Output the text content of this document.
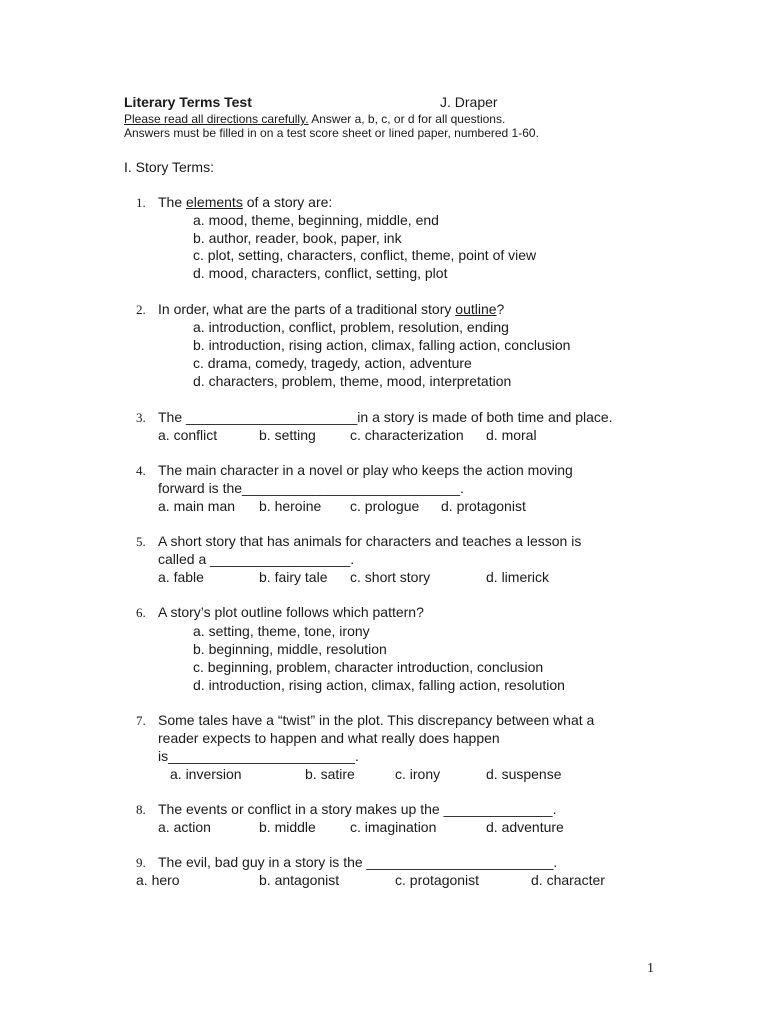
Literary Terms Test	J. Draper
Please read all directions carefully. Answer a, b, c, or d for all questions.
Answers must be filled in on a test score sheet or lined paper, numbered 1-60.
I. Story Terms:
1. The elements of a story are:
a. mood, theme, beginning, middle, end
b. author, reader, book, paper, ink
c. plot, setting, characters, conflict, theme, point of view
d. mood, characters, conflict, setting, plot
2. In order, what are the parts of a traditional story outline?
a. introduction, conflict, problem, resolution, ending
b. introduction, rising action, climax, falling action, conclusion
c. drama, comedy, tragedy, action, adventure
d. characters, problem, theme, mood, interpretation
3. The ______________________in a story is made of both time and place.
a. conflict	b. setting c. characterization d. moral
4. The main character in a novel or play who keeps the action moving
forward is the____________________________.
a. main man b. heroine c. prologue d. protagonist
5. A short story that has animals for characters and teaches a lesson is
called a __________________.
a. fable	b. fairy tale c. short story	d. limerick
6. A story’s plot outline follows which pattern?
a. setting, theme, tone, irony
b. beginning, middle, resolution
c. beginning, problem, character introduction, conclusion
d. introduction, rising action, climax, falling action, resolution
7. Some tales have a “twist” in the plot. This discrepancy between what a
reader expects to happen and what really does happen
is________________________.
a. inversion	b. satire	c. irony	d. suspense
8. The events or conflict in a story makes up the ______________.
a. action	b. middle c. imagination	d. adventure
9. The evil, bad guy in a story is the ________________________.
a. hero	b. antagonist	c. protagonist	d. character
1
